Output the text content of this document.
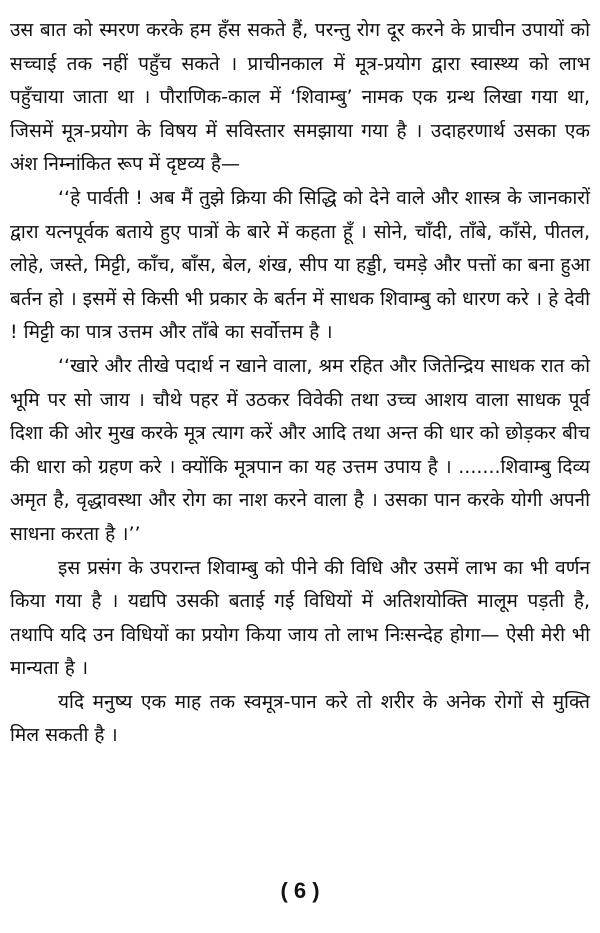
उस बात को स्मरण करके हम हँस सकते हैं, परन्तु रोग दूर करने के प्राचीन उपायों को सच्चाई तक नहीं पहुँच सकते । प्राचीनकाल में मूत्र-प्रयोग द्वारा स्वास्थ्य को लाभ पहुँचाया जाता था । पौराणिक-काल में ‘शिवाम्बु’ नामक एक ग्रन्थ लिखा गया था, जिसमें मूत्र-प्रयोग के विषय में सविस्तार समझाया गया है । उदाहरणार्थ उसका एक अंश निम्नांकित रूप में दृष्टव्य है—

‘‘हे पार्वती ! अब मैं तुझे क्रिया की सिद्धि को देने वाले और शास्त्र के जानकारों द्वारा यत्नपूर्वक बताये हुए पात्रों के बारे में कहता हूँ । सोने, चाँदी, ताँबे, काँसे, पीतल, लोहे, जस्ते, मिट्टी, काँच, बाँस, बेल, शंख, सीप या हड्डी, चमड़े और पत्तों का बना हुआ बर्तन हो । इसमें से किसी भी प्रकार के बर्तन में साधक शिवाम्बु को धारण करे । हे देवी ! मिट्टी का पात्र उत्तम और ताँबे का सर्वोत्तम है ।

‘‘खारे और तीखे पदार्थ न खाने वाला, श्रम रहित और जितेन्द्रिय साधक रात को भूमि पर सो जाय । चौथे पहर में उठकर विवेकी तथा उच्च आशय वाला साधक पूर्व दिशा की ओर मुख करके मूत्र त्याग करें और आदि तथा अन्त की धार को छोड़कर बीच की धारा को ग्रहण करे । क्योंकि मूत्रपान का यह उत्तम उपाय है । .......शिवाम्बु दिव्य अमृत है, वृद्धावस्था और रोग का नाश करने वाला है । उसका पान करके योगी अपनी साधना करता है ।’’

इस प्रसंग के उपरान्त शिवाम्बु को पीने की विधि और उसमें लाभ का भी वर्णन किया गया है । यद्यपि उसकी बताई गई विधियों में अतिशयोक्ति मालूम पड़ती है, तथापि यदि उन विधियों का प्रयोग किया जाय तो लाभ निःसन्देह होगा— ऐसी मेरी भी मान्यता है ।

यदि मनुष्य एक माह तक स्वमूत्र-पान करे तो शरीर के अनेक रोगों से मुक्ति मिल सकती है ।

( 6 )
